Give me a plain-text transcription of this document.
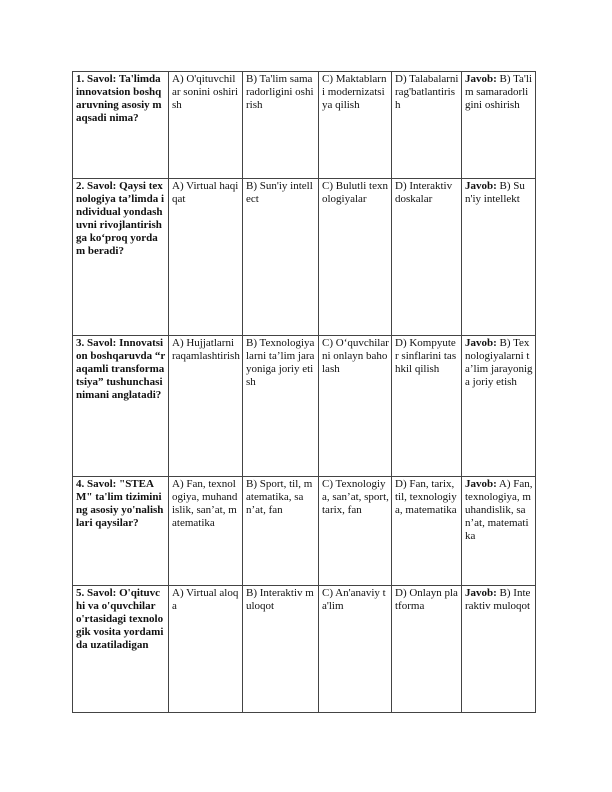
1. Savol: Ta'limda innovatsion boshqaruvning asosiy maqsadi nima?	A) O'qituvchilar sonini oshirish	B) Ta'lim samaradorligini oshirish	C) Maktablarni modernizatsiya qilish	D) Talabalarni rag'batlantirish	Javob: B) Ta'lim samaradorligini oshirish
2. Savol: Qaysi texnologiya ta’limda individual yondashuvni rivojlantirishga ko‘proq yordam beradi?	A) Virtual haqiqat	B) Sun'iy intellect	C) Bulutli texnologiyalar	D) Interaktiv doskalar	Javob: B) Sun'iy intellekt
3. Savol: Innovatsion boshqaruvda “raqamli transformatsiya” tushunchasi nimani anglatadi?	A) Hujjatlarni raqamlashtirish	B) Texnologiyalarni ta’lim jarayoniga joriy etish	C) O‘quvchilarni onlayn baholash	D) Kompyuter sinflarini tashkil qilish	Javob: B) Texnologiyalarni ta’lim jarayoniga joriy etish
4. Savol: "STEAM" ta'lim tizimining asosiy yo'nalishlari qaysilar?	A) Fan, texnologiya, muhandislik, san’at, matematika	B) Sport, til, matematika, san’at, fan	C) Texnologiya, san’at, sport, tarix, fan	D) Fan, tarix, til, texnologiya, matematika	Javob: A) Fan, texnologiya, muhandislik, san’at, matematika
5. Savol: O'qituvchi va o'quvchilar o'rtasidagi texnologik vosita yordamida uzatiladigan	A) Virtual aloqa	B) Interaktiv muloqot	C) An'anaviy ta'lim	D) Onlayn platforma	Javob: B) Interaktiv muloqot
